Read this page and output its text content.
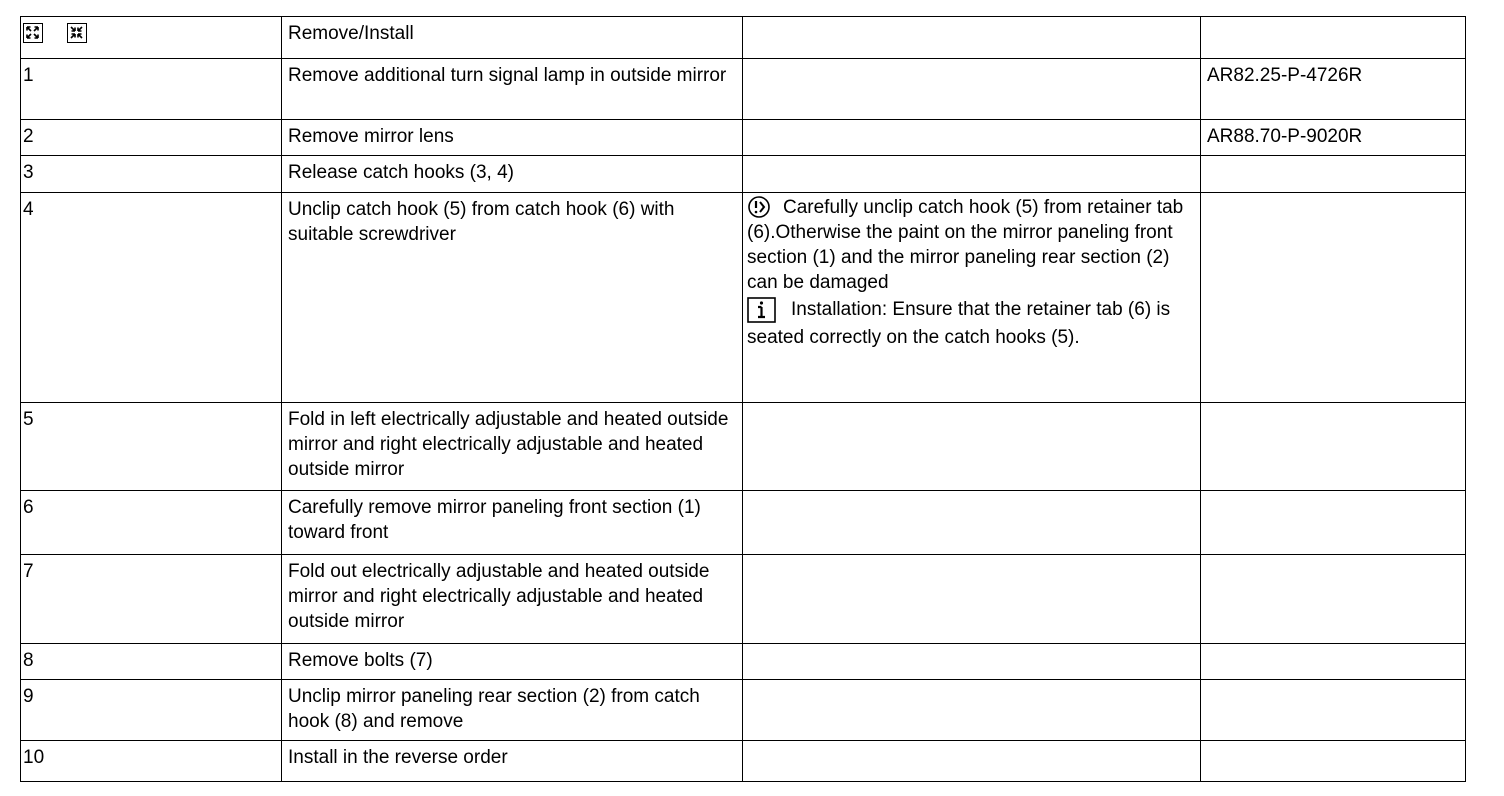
	Remove/Install		
1	Remove additional turn signal lamp in outside mirror		AR82.25-P-4726R
2	Remove mirror lens		AR88.70-P-9020R
3	Release catch hooks (3, 4)		
4	Unclip catch hook (5) from catch hook (6) with suitable screwdriver	Carefully unclip catch hook (5) from retainer tab (6).Otherwise the paint on the mirror paneling front section (1) and the mirror paneling rear section (2) can be damaged
Installation: Ensure that the retainer tab (6) is seated correctly on the catch hooks (5).	

5	Fold in left electrically adjustable and heated outside mirror and right electrically adjustable and heated outside mirror		
6	Carefully remove mirror paneling front section (1) toward front		
7	Fold out electrically adjustable and heated outside mirror and right electrically adjustable and heated outside mirror		
8	Remove bolts (7)		
9	Unclip mirror paneling rear section (2) from catch hook (8) and remove		
10	Install in the reverse order		
